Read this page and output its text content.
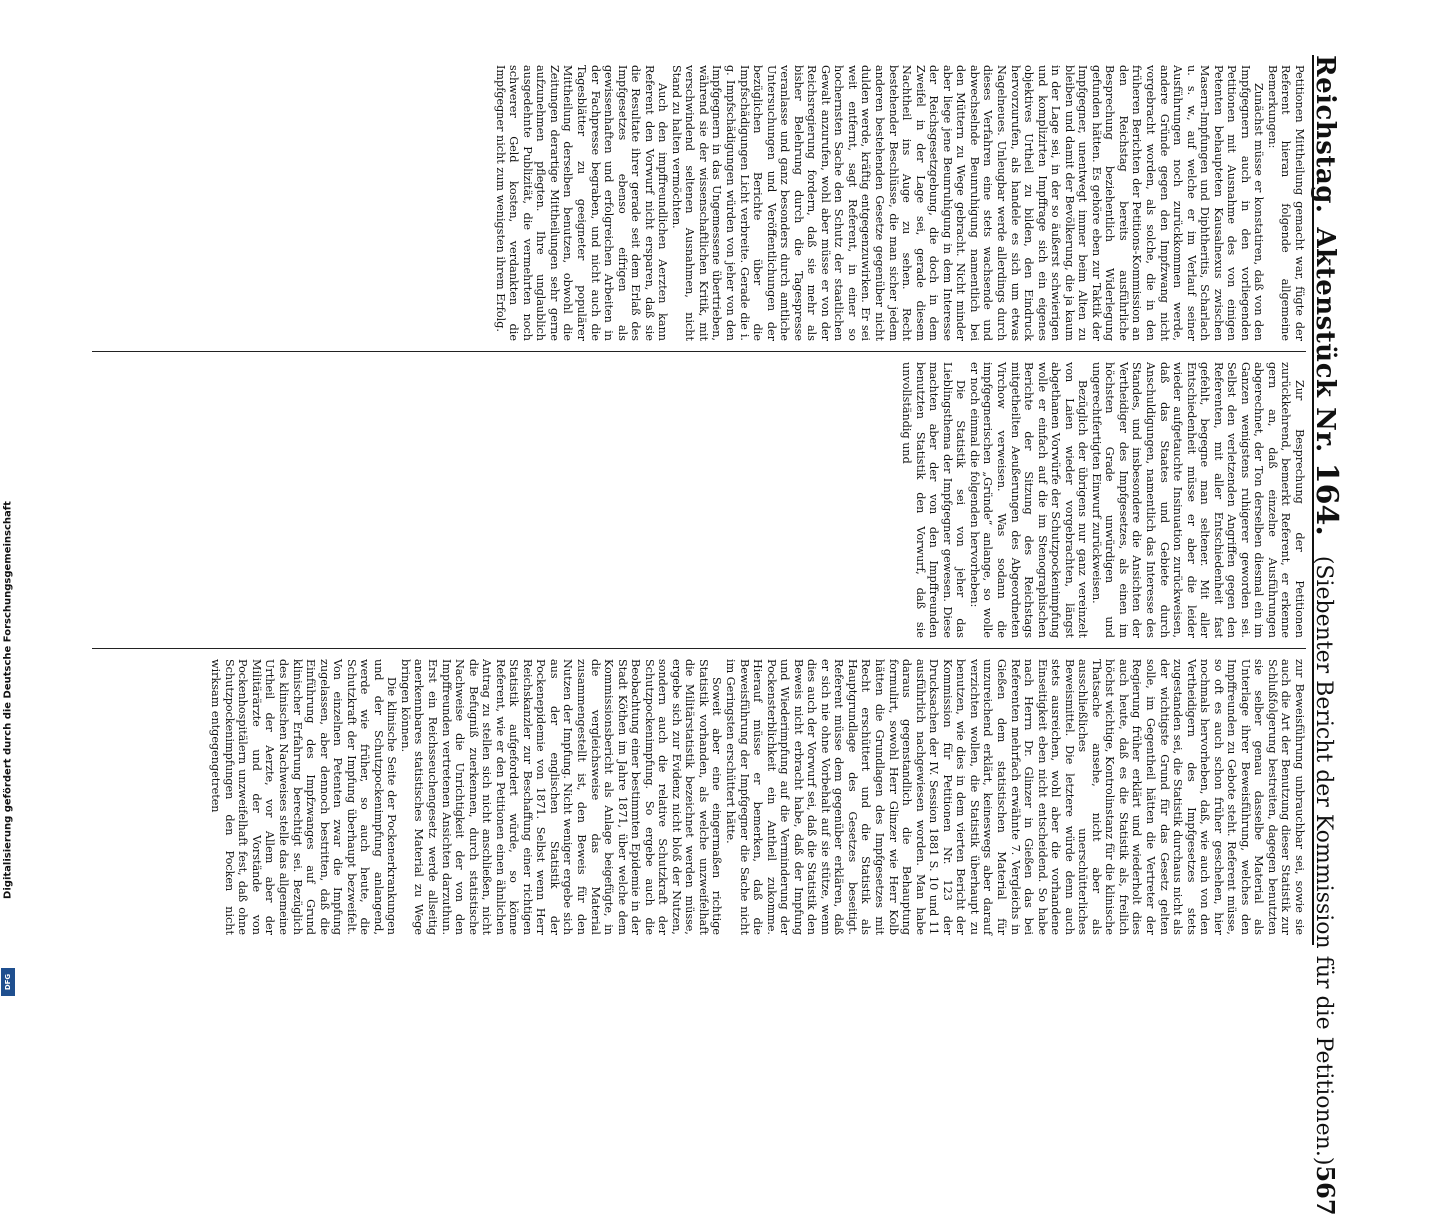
Digitalisierung gefördert durch die Deutsche Forschungsgemeinschaft
DFG
Reichstag.
Aktenstück Nr.
164.
(Siebenter Bericht der Kommission für die Petitionen.)
567

Petitionen Mittheilung gemacht war, fügte der Referent hieran folgende allgemeine Bemerkungen:

Zunächst müsse er konstatiren, daß von den Impfgegnern auch in den vorliegenden Petitionen mit Ausnahme des von einigen Petenten behaupteten Kausalnexus zwischen Masern-Impfungen und Diphtheritis, Scharlach u. s. w., auf welche er im Verlauf seiner Ausführungen noch zurückkommen werde, andere Gründe gegen den Impfzwang nicht vorgebracht worden, als solche, die in den früheren Berichten der Petitions-Kommission an den Reichstag bereits ausführliche Besprechung beziehentlich Widerlegung gefunden hätten. Es gehöre eben zur Taktik der Impfgegner, unentwegt immer beim Alten zu bleiben und damit der Bevölkerung, die ja kaum in der Lage sei, in der so äußerst schwierigen und komplizirten Impffrage sich ein eigenes objektives Urtheil zu bilden, den Eindruck hervorzurufen, als handele es sich um etwas Nagelneues. Unleugbar werde allerdings durch dieses Verfahren eine stets wachsende und abwechselnde Beunruhigung namentlich bei den Müttern zu Wege gebracht. Nicht minder aber liege jene Beunruhigung in dem Interesse der Reichsgesetzgebung, die doch in dem Zweifel in der Lage sei, gerade diesem Nachtheil ins Auge zu sehen. Recht bestehender Beschlüsse, die man sicher jedem anderen bestehenden Gesetze gegenüber nicht dulden werde, kräftig entgegenzuwirken. Er sei weit entfernt, sagt Referent, in einer so hochernsten Sache den Schutz der staatlichen Gewalt anzurufen, wohl aber müsse er von der Reichsregierung fordern, daß sie mehr als bisher Belehrung durch die Tagespresse veranlasse und ganz besonders durch amtliche Untersuchungen und Veröffentlichungen der bezüglichen Berichte über die Impfschädigungen Licht verbreite. Gerade die i. g. Impfschädigungen würden von jeher von den Impfgegnern in das Ungemessene übertrieben, während sie der wissenschaftlichen Kritik, mit verschwindend seltenen Ausnahmen, nicht Stand zu halten vermöchten.

Auch den impffreundlichen Aerzten kann Referent den Vorwurf nicht ersparen, daß sie die Resultate ihrer gerade seit dem Erlaß des Impfgesetzes ebenso eifrigen als gewissenhaften und erfolgreichen Arbeiten in der Fachpresse begraben, und nicht auch die Tagesblätter zu geeigneter populärer Mittheilung derselben benutzen, obwohl die Zeitungen derartige Mittheilungen sehr gerne aufzunehmen pflegten. Ihre unglaublich ausgedehnte Publizität, die vermehrten noch schwerer Geld kosten, verdankten die Impfgegner nicht zum wenigsten ihrem Erfolg.

Zur Besprechung der Petitionen zurückkehrend, bemerkt Referent, er erkenne gern an, daß einzelne Ausführungen abgerechnet, der Ton derselben diesmal ein im Ganzen wenigstens ruhigerer geworden sei. Selbst den verletzenden Angriffen gegen den Referenten, mit aller Entschiedenheit fast gefehlt, begegne man seltener. Mit aller Entschiedenheit müsse er aber die leider wieder aufgetauchte Insinuation zurückweisen, daß das Staates und Gebiete durch Anschuldigungen, namentlich das Interesse des Standes, und insbesondere die Ansichten der Vertheidiger des Impfgesetzes, als einen im höchsten Grade unwürdigen und ungerechtfertigten Einwurf zurückweisen.

Bezüglich der übrigens nur ganz vereinzelt von Laien wieder vorgebrachten, längst abgethanen Vorwürfe der Schutzpockenimpfung wolle er einfach auf die im Stenographischen Berichte der Sitzung des Reichstags mitgetheilten Aeußerungen des Abgeordneten Virchow verweisen. Was sodann die impfgegnerischen „Gründe“ anlange, so wolle er noch einmal die folgenden hervorheben:

Die Statistik sei von jeher das Lieblingsthema der Impfgegner gewesen. Diese machten aber der von den Impffreunden benutzten Statistik den Vorwurf, daß sie unvollständig und

zur Beweisführung unbrauchbar sei, sowie sie auch die Art der Benutzung dieser Statistik zur Schlußfolgerung bestreiten, dagegen benutzten sie selber genau dasselbe Material als Unterlage ihrer Beweisführung, welches den Impffreunden zu Gebote steht. Referent müsse, so oft es auch schon früher geschehen, hier nochmals hervorheben, daß, wie auch von den Vertheidigern des Impfgesetzes stets zugestanden sei, die Statistik durchaus nicht als der wichtigste Grund für das Gesetz gelten solle, im Gegentheil hätten die Vertreter der Regierung früher erklärt und wiederholt dies auch heute, daß es die Statistik als, freilich höchst wichtige, Kontrolinstanz für die klinische Thatsache ansehe, nicht aber als ausschließliches unerschütterliches Beweismittel. Die letztere würde denn auch stets ausreichen, wohl aber die vorhandene Einseitigkeit eben nicht entscheidend. So habe nach Herrn Dr. Glinzer in Gießen das bei Referenten mehrfach erwähnte 7. Vergleichs in Gießen dem statistischen Material für unzureichend erklärt, keineswegs aber darauf verzichten wollen, die Statistik überhaupt zu benutzen, wie dies in dem vierten Bericht der Kommission für Petitionen Nr. 123 der Drucksachen der IV. Session 1881 S. 10 und 11 ausführlich nachgewiesen worden. Man habe daraus gegenstandlich die Behauptung formulirt, sowohl Herr Glinzer wie Herr Kolb hätten die Grundlagen des Impfgesetzes mit Recht erschüttert und die Statistik als Hauptgrundlage des Gesetzes beseitigt. Referent müsse dem gegenüber erklären, daß er sich nie ohne Vorbehalt auf sie stütze, wenn dies auch der Vorwurf sei, daß die Statistik den Beweis nicht erbracht habe, daß der Impfung und Wiederimpfung auf die Verminderung der Pockensterblichkeit ein Antheil zukomme. Hierauf müsse er bemerken, daß die Beweisführung der Impfgegner die Sache nicht im Geringsten erschüttert hätte.

Soweit aber eine eingermaßen richtige Statistik vorhanden, als welche unzweifelhaft die Militärstatistik bezeichnet werden müsse, ergebe sich zur Evidenz nicht bloß der Nutzen, sondern auch die relative Schutzkraft der Schutzpockenimpfung. So ergebe auch die Beobachtung einer bestimmten Epidemie in der Stadt Köthen im Jahre 1871, über welche dem Kommissionsbericht als Anlage beigefügte, in die vergleichsweise das Material zusammengestellt ist, den Beweis für den Nutzen der Impfung. Nicht weniger ergebe sich aus der englischen Statistik der Pockenepidemie von 1871. Selbst wenn Herr Reichskanzler zur Beschaffung einer richtigen Statistik aufgefordert würde, so könne Referent, wie er den Petitionen einen ähnlichen Antrag zu stellen sich nicht anschließen, nicht die Befugniß zuerkennen, durch statistische Nachweise die Unrichtigkeit der von den Impffreunden vertretenen Ansichten darzuthun. Erst ein Reichsseuchengesetz werde allseitig anerkennbares statistisches Material zu Wege bringen können.

Die klinische Seite der Pockenerkrankungen und der Schutzpockenimpfung anlangend, werde wie früher, so auch heute, die Schutzkraft der Impfung überhaupt bezweifelt. Von einzelnen Petenten zwar die Impfung zugelassen, aber dennoch bestritten, daß die Einführung des Impfzwanges auf Grund klinischer Erfahrung berechtigt sei. Bezüglich des klinischen Nachweises stelle das allgemeine Urtheil der Aerzte, vor Allem aber der Militärärzte und der Vorstände von Pockenhospitälern unzweifelhaft fest, daß ohne Schutzpockenimpfungen den Pocken nicht wirksam entgegengetreten
